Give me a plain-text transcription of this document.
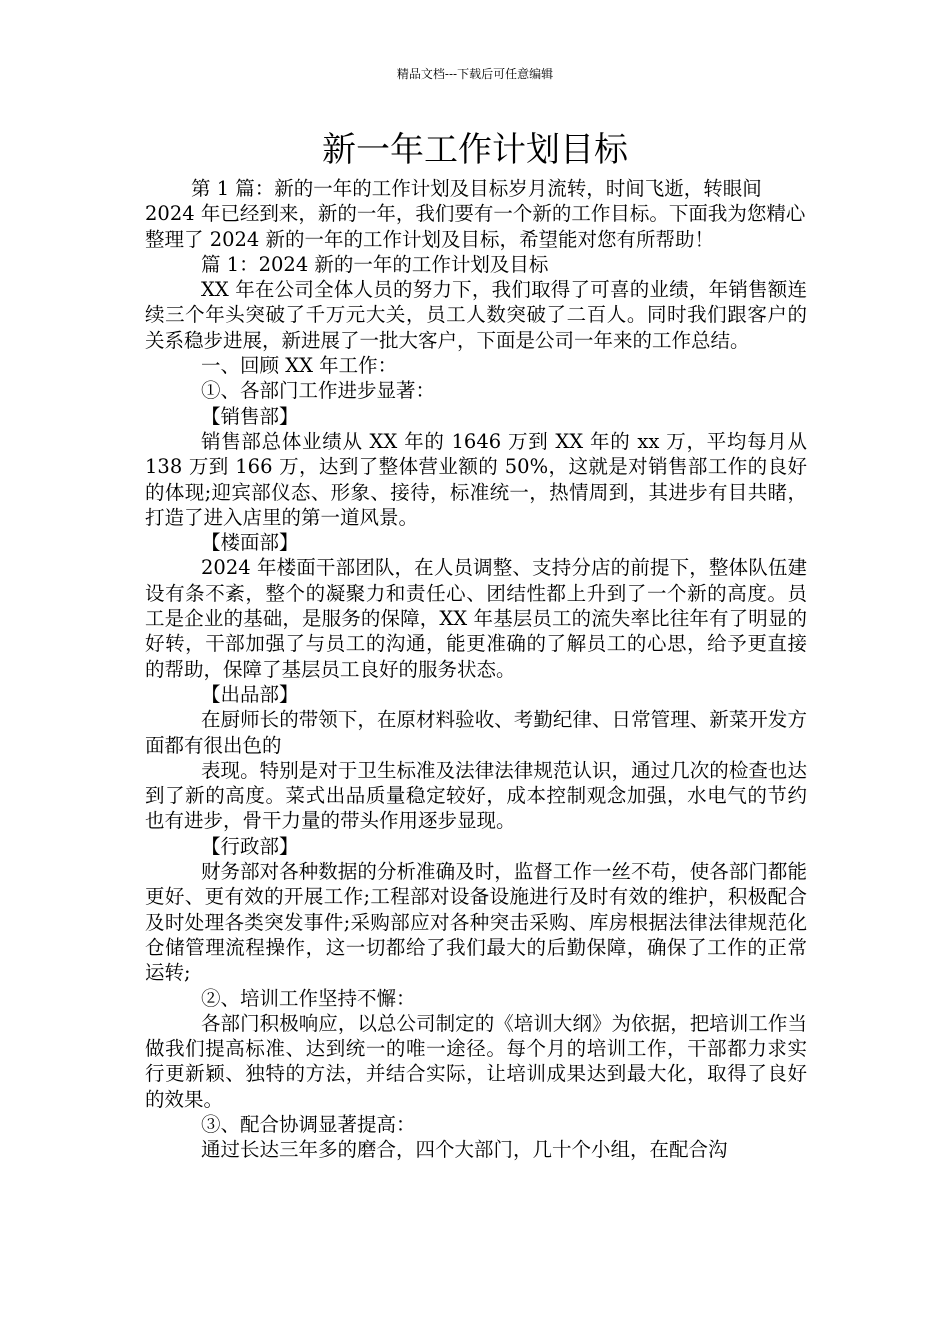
精品文档---下载后可任意编辑
新一年工作计划目标

第 1 篇：新的一年的工作计划及目标岁月流转，时间飞逝，转眼间 2024 年已经到来，新的一年，我们要有一个新的工作目标。下面我为您精心整理了 2024 新的一年的工作计划及目标，希望能对您有所帮助！

篇 1：2024 新的一年的工作计划及目标

XX 年在公司全体人员的努力下，我们取得了可喜的业绩，年销售额连续三个年头突破了千万元大关，员工人数突破了二百人。同时我们跟客户的关系稳步进展，新进展了一批大客户，下面是公司一年来的工作总结。

一、回顾 XX 年工作：

①、各部门工作进步显著：

【销售部】

销售部总体业绩从 XX 年的 1646 万到 XX 年的 xx 万，平均每月从 138 万到 166 万，达到了整体营业额的 50%，这就是对销售部工作的良好的体现;迎宾部仪态、形象、接待，标准统一，热情周到，其进步有目共睹，打造了进入店里的第一道风景。

【楼面部】

2024 年楼面干部团队，在人员调整、支持分店的前提下，整体队伍建设有条不紊，整个的凝聚力和责任心、团结性都上升到了一个新的高度。员工是企业的基础，是服务的保障，XX 年基层员工的流失率比往年有了明显的好转，干部加强了与员工的沟通，能更准确的了解员工的心思，给予更直接的帮助，保障了基层员工良好的服务状态。

【出品部】

在厨师长的带领下，在原材料验收、考勤纪律、日常管理、新菜开发方面都有很出色的

表现。特别是对于卫生标准及法律法律规范认识，通过几次的检查也达到了新的高度。菜式出品质量稳定较好，成本控制观念加强，水电气的节约也有进步，骨干力量的带头作用逐步显现。

【行政部】

财务部对各种数据的分析准确及时，监督工作一丝不苟，使各部门都能更好、更有效的开展工作;工程部对设备设施进行及时有效的维护，积极配合及时处理各类突发事件;采购部应对各种突击采购、库房根据法律法律规范化仓储管理流程操作，这一切都给了我们最大的后勤保障，确保了工作的正常运转;

②、培训工作坚持不懈：

各部门积极响应，以总公司制定的《培训大纲》为依据，把培训工作当做我们提高标准、达到统一的唯一途径。每个月的培训工作，干部都力求实行更新颖、独特的方法，并结合实际，让培训成果达到最大化，取得了良好的效果。

③、配合协调显著提高：

通过长达三年多的磨合，四个大部门，几十个小组，在配合沟
